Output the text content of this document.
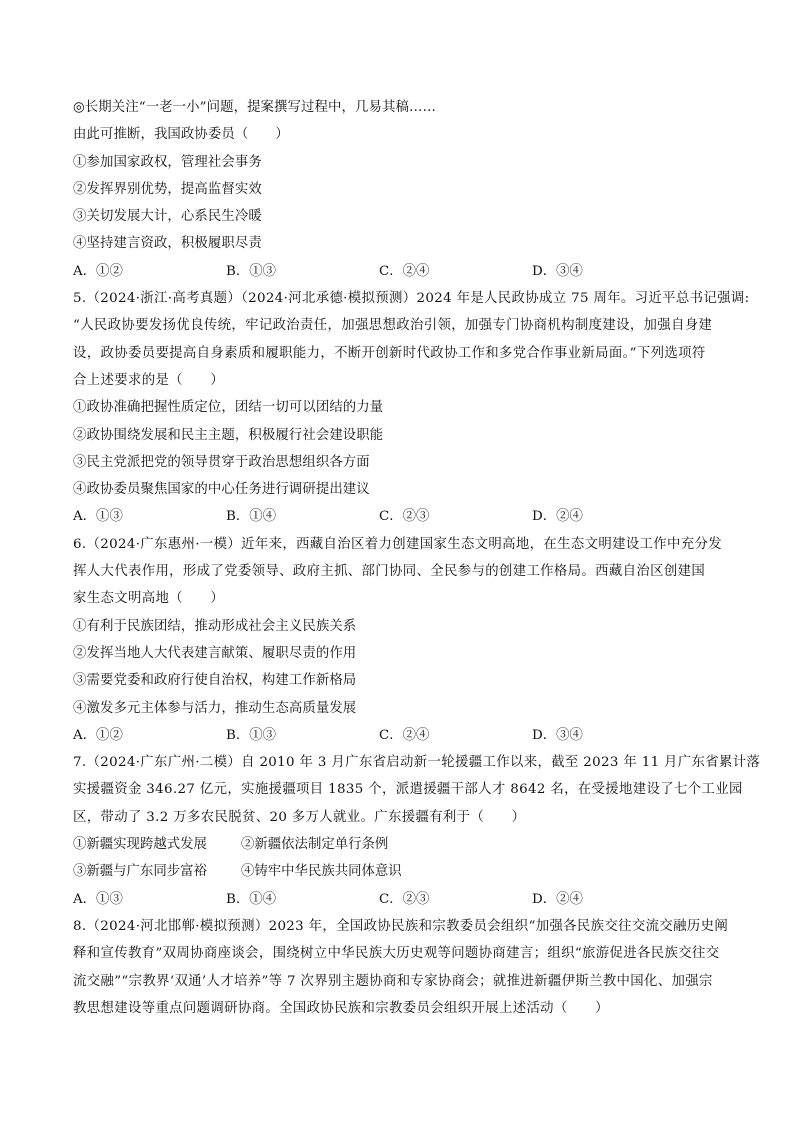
◎长期关注“一老一小”问题，提案撰写过程中，几易其稿……
由此可推断，我国政协委员（　　）
①参加国家政权，管理社会事务
②发挥界别优势，提高监督实效
③关切发展大计，心系民生冷暖
④坚持建言资政，积极履职尽责
A．①②	B．①③	C．②④	D．③④
5.（2024·浙江·高考真题）（2024·河北承德·模拟预测）2024 年是人民政协成立 75 周年。习近平总书记强调:
“人民政协要发扬优良传统，牢记政治责任，加强思想政治引领，加强专门协商机构制度建设，加强自身建
设，政协委员要提高自身素质和履职能力，不断开创新时代政协工作和多党合作事业新局面。”下列选项符
合上述要求的是（　　）
①政协准确把握性质定位，团结一切可以团结的力量
②政协围绕发展和民主主题，积极履行社会建设职能
③民主党派把党的领导贯穿于政治思想组织各方面
④政协委员聚焦国家的中心任务进行调研提出建议
A．①③	B．①④	C．②③	D．②④
6.（2024·广东惠州·一模）近年来，西藏自治区着力创建国家生态文明高地，在生态文明建设工作中充分发
挥人大代表作用，形成了党委领导、政府主抓、部门协同、全民参与的创建工作格局。西藏自治区创建国
家生态文明高地（　　）
①有利于民族团结，推动形成社会主义民族关系
②发挥当地人大代表建言献策、履职尽责的作用
③需要党委和政府行使自治权，构建工作新格局
④激发多元主体参与活力，推动生态高质量发展
A．①②	B．①③	C．②④	D．③④
7.（2024·广东广州·二模）自 2010 年 3 月广东省启动新一轮援疆工作以来，截至 2023 年 11 月广东省累计落
实援疆资金 346.27 亿元，实施援疆项目 1835 个，派遣援疆干部人才 8642 名，在受援地建设了七个工业园
区，带动了 3.2 万多农民脱贫、20 多万人就业。广东援疆有利于（　　）
①新疆实现跨越式发展	②新疆依法制定单行条例
③新疆与广东同步富裕	④铸牢中华民族共同体意识
A．①③	B．①④	C．②③	D．②④
8.（2024·河北邯郸·模拟预测）2023 年，全国政协民族和宗教委员会组织“加强各民族交往交流交融历史阐
释和宣传教育”双周协商座谈会，围绕树立中华民族大历史观等问题协商建言；组织“旅游促进各民族交往交
流交融”“宗教界‘双通’人才培养”等 7 次界别主题协商和专家协商会；就推进新疆伊斯兰教中国化、加强宗
教思想建设等重点问题调研协商。全国政协民族和宗教委员会组织开展上述活动（　　）
